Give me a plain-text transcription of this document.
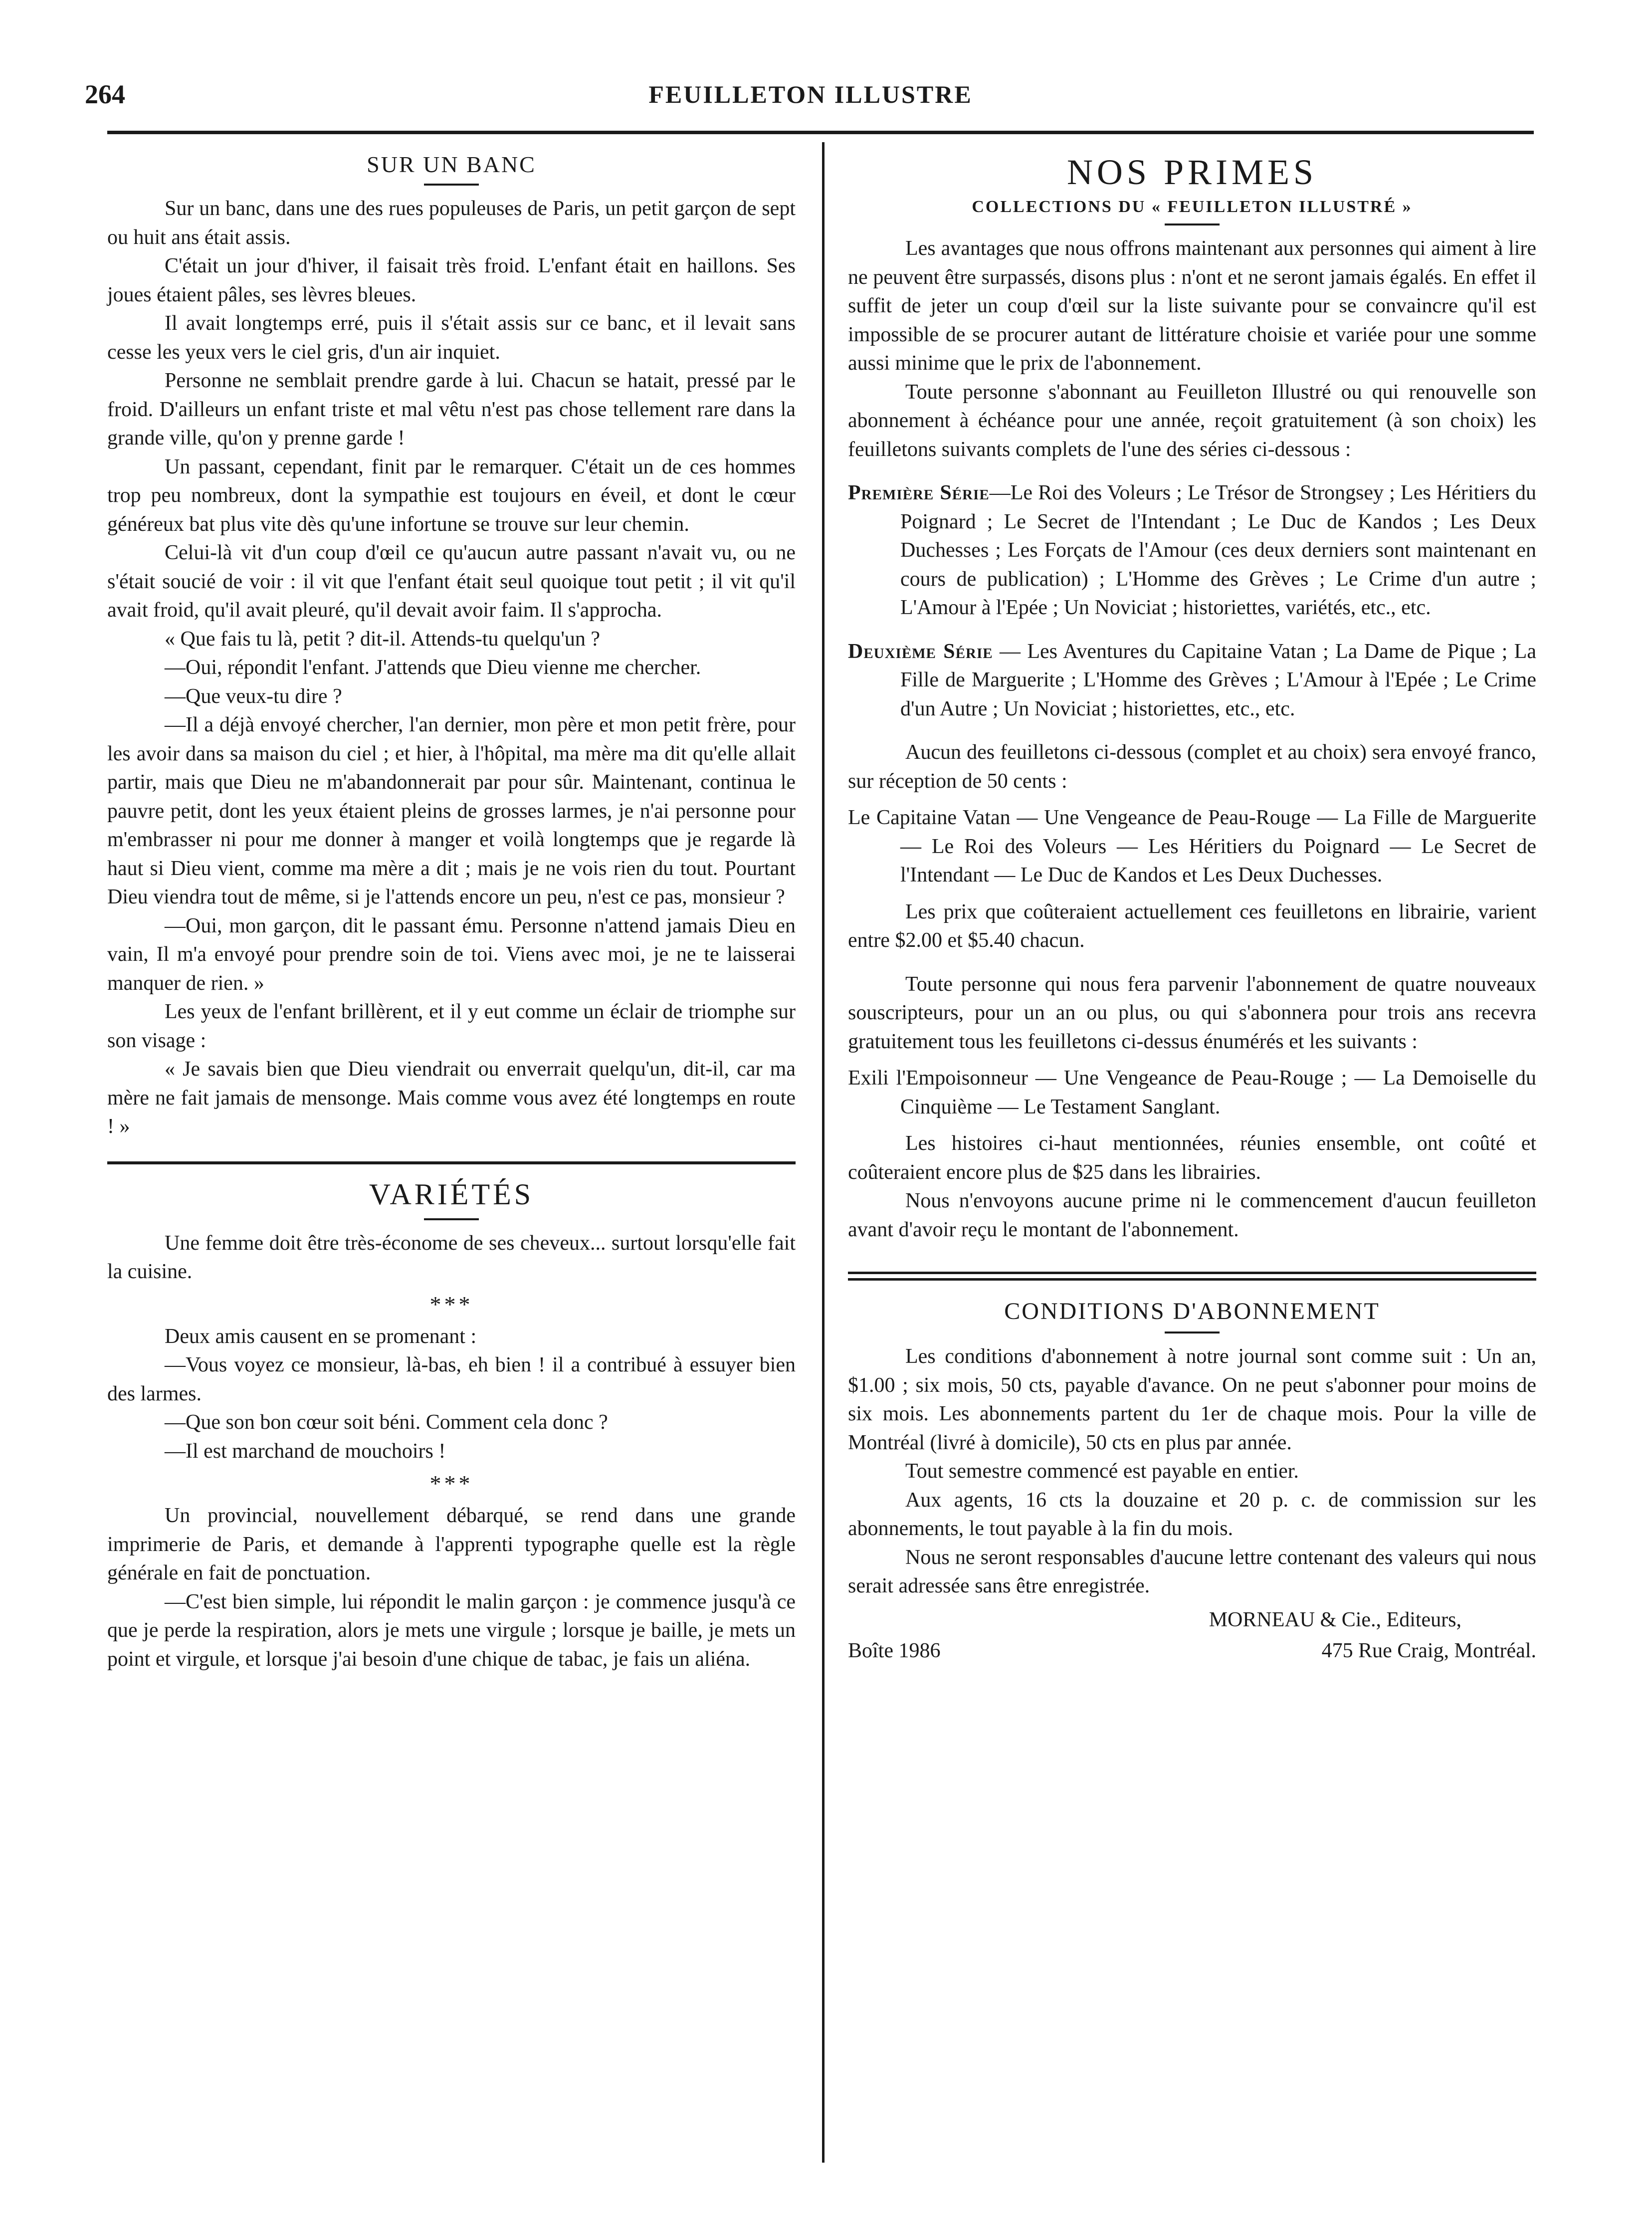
264	FEUILLETON ILLUSTRE
SUR UN BANC

Sur un banc, dans une des rues populeuses de Paris, un petit garçon de sept ou huit ans était assis.

C'était un jour d'hiver, il faisait très froid. L'enfant était en haillons. Ses joues étaient pâles, ses lèvres bleues.

Il avait longtemps erré, puis il s'était assis sur ce banc, et il levait sans cesse les yeux vers le ciel gris, d'un air inquiet.

Personne ne semblait prendre garde à lui. Chacun se hatait, pressé par le froid. D'ailleurs un enfant triste et mal vêtu n'est pas chose tellement rare dans la grande ville, qu'on y prenne garde !

Un passant, cependant, finit par le remarquer. C'était un de ces hommes trop peu nombreux, dont la sympathie est toujours en éveil, et dont le cœur généreux bat plus vite dès qu'une infortune se trouve sur leur chemin.

Celui-là vit d'un coup d'œil ce qu'aucun autre passant n'avait vu, ou ne s'était soucié de voir : il vit que l'enfant était seul quoique tout petit ; il vit qu'il avait froid, qu'il avait pleuré, qu'il devait avoir faim. Il s'approcha.

« Que fais tu là, petit ? dit-il. Attends-tu quelqu'un ?

—Oui, répondit l'enfant. J'attends que Dieu vienne me chercher.

—Que veux-tu dire ?

—Il a déjà envoyé chercher, l'an dernier, mon père et mon petit frère, pour les avoir dans sa maison du ciel ; et hier, à l'hôpital, ma mère ma dit qu'elle allait partir, mais que Dieu ne m'abandonnerait par pour sûr. Maintenant, continua le pauvre petit, dont les yeux étaient pleins de grosses larmes, je n'ai personne pour m'embrasser ni pour me donner à manger et voilà longtemps que je regarde là haut si Dieu vient, comme ma mère a dit ; mais je ne vois rien du tout. Pourtant Dieu viendra tout de même, si je l'attends encore un peu, n'est ce pas, monsieur ?

—Oui, mon garçon, dit le passant ému. Personne n'attend jamais Dieu en vain, Il m'a envoyé pour prendre soin de toi. Viens avec moi, je ne te laisserai manquer de rien. »

Les yeux de l'enfant brillèrent, et il y eut comme un éclair de triomphe sur son visage :

« Je savais bien que Dieu viendrait ou enverrait quelqu'un, dit-il, car ma mère ne fait jamais de mensonge. Mais comme vous avez été longtemps en route ! »

VARIÉTÉS

Une femme doit être très-économe de ses cheveux... surtout lorsqu'elle fait la cuisine.

***

Deux amis causent en se promenant :

—Vous voyez ce monsieur, là-bas, eh bien ! il a contribué à essuyer bien des larmes.

—Que son bon cœur soit béni. Comment cela donc ?

—Il est marchand de mouchoirs !

***

Un provincial, nouvellement débarqué, se rend dans une grande imprimerie de Paris, et demande à l'apprenti typographe quelle est la règle générale en fait de ponctuation.

—C'est bien simple, lui répondit le malin garçon : je commence jusqu'à ce que je perde la respiration, alors je mets une virgule ; lorsque je baille, je mets un point et virgule, et lorsque j'ai besoin d'une chique de tabac, je fais un aliéna.

NOS PRIMES
COLLECTIONS DU « FEUILLETON ILLUSTRÉ »

Les avantages que nous offrons maintenant aux personnes qui aiment à lire ne peuvent être surpassés, disons plus : n'ont et ne seront jamais égalés. En effet il suffit de jeter un coup d'œil sur la liste suivante pour se convaincre qu'il est impossible de se procurer autant de littérature choisie et variée pour une somme aussi minime que le prix de l'abonnement.

Toute personne s'abonnant au Feuilleton Illustré ou qui renouvelle son abonnement à échéance pour une année, reçoit gratuitement (à son choix) les feuilletons suivants complets de l'une des séries ci-dessous :

Première Série—Le Roi des Voleurs ; Le Trésor de Strongsey ; Les Héritiers du Poignard ; Le Secret de l'Intendant ; Le Duc de Kandos ; Les Deux Duchesses ; Les Forçats de l'Amour (ces deux derniers sont maintenant en cours de publication) ; L'Homme des Grèves ; Le Crime d'un autre ; L'Amour à l'Epée ; Un Noviciat ; historiettes, variétés, etc., etc.

Deuxième Série — Les Aventures du Capitaine Vatan ; La Dame de Pique ; La Fille de Marguerite ; L'Homme des Grèves ; L'Amour à l'Epée ; Le Crime d'un Autre ; Un Noviciat ; historiettes, etc., etc.

Aucun des feuilletons ci-dessous (complet et au choix) sera envoyé franco, sur réception de 50 cents :

Le Capitaine Vatan — Une Vengeance de Peau-Rouge — La Fille de Marguerite — Le Roi des Voleurs — Les Héritiers du Poignard — Le Secret de l'Intendant — Le Duc de Kandos et Les Deux Duchesses.

Les prix que coûteraient actuellement ces feuilletons en librairie, varient entre $2.00 et $5.40 chacun.

Toute personne qui nous fera parvenir l'abonnement de quatre nouveaux souscripteurs, pour un an ou plus, ou qui s'abonnera pour trois ans recevra gratuitement tous les feuilletons ci-dessus énumérés et les suivants :

Exili l'Empoisonneur — Une Vengeance de Peau-Rouge ; — La Demoiselle du Cinquième — Le Testament Sanglant.

Les histoires ci-haut mentionnées, réunies ensemble, ont coûté et coûteraient encore plus de $25 dans les librairies.

Nous n'envoyons aucune prime ni le commencement d'aucun feuilleton avant d'avoir reçu le montant de l'abonnement.

CONDITIONS D'ABONNEMENT

Les conditions d'abonnement à notre journal sont comme suit : Un an, $1.00 ; six mois, 50 cts, payable d'avance. On ne peut s'abonner pour moins de six mois. Les abonnements partent du 1er de chaque mois. Pour la ville de Montréal (livré à domicile), 50 cts en plus par année.

Tout semestre commencé est payable en entier.

Aux agents, 16 cts la douzaine et 20 p. c. de commission sur les abonnements, le tout payable à la fin du mois.

Nous ne seront responsables d'aucune lettre contenant des valeurs qui nous serait adressée sans être enregistrée.

MORNEAU & Cie., Editeurs,
Boîte 1986	475 Rue Craig, Montréal.
